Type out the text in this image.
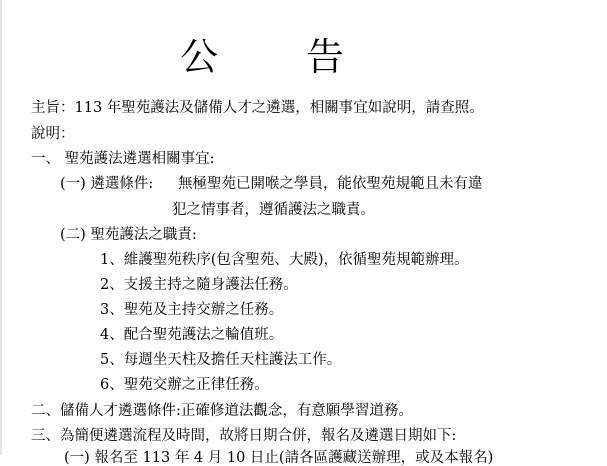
公 告
主旨：113 年聖苑護法及儲備人才之遴選，相關事宜如說明，請查照。
說明：
一、 聖苑護法遴選相關事宜:
(一) 遴選條件: 無極聖苑已開喉之學員，能依聖苑規範且未有違
犯之情事者，遵循護法之職責。
(二) 聖苑護法之職責:
1、維護聖苑秩序(包含聖苑、大殿)，依循聖苑規範辦理。
2、支援主持之隨身護法任務。
3、聖苑及主持交辦之任務。
4、配合聖苑護法之輪值班。
5、每週坐天柱及擔任天柱護法工作。
6、聖苑交辦之正律任務。
二、儲備人才遴選條件:正確修道法觀念，有意願學習道務。
三、為簡便遴選流程及時間，故將日期合併，報名及遴選日期如下:
(一) 報名至 113 年 4 月 10 日止(請各區護藏送辦理，或及本報名)
